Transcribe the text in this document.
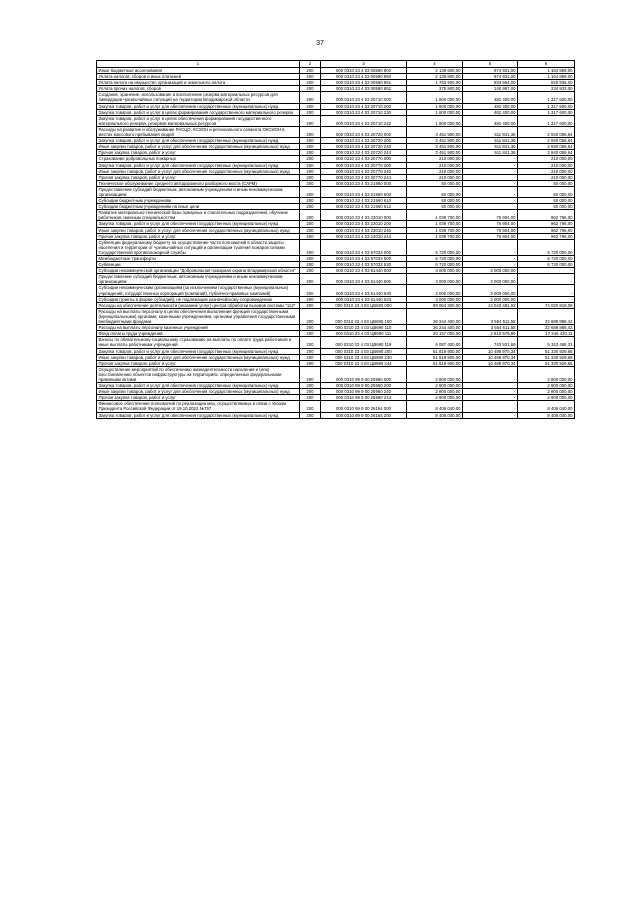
37
1	2	3	4	5	6
Иные бюджетные ассигнования	200	000 0310 23 4 03 00590 800	2 139 800,00	974 931,00	1 164 869,00
Уплата налогов, сборов и иных платежей	200	000 0310 23 4 03 00590 850	2 139 800,00	974 931,00	1 164 869,00
Уплата налога на имущество организаций и земельного налога	200	000 0310 23 4 03 00590 851	1 763 900,00	833 964,00	929 936,00
Уплата прочих налогов, сборов	200	000 0310 23 4 03 00590 852	375 900,00	140 967,00	234 933,00
Создание, хранение, использование и восполнение резерва материальных ресурсов для ликвидации чрезвычайных ситуаций на территории Владимирской области	200	000 0310 23 4 03 20710 000	1 800 000,00	482 400,00	1 317 600,00
Закупка товаров, работ и услуг для обеспечения государственных (муниципальных) нужд	200	000 0310 23 4 03 20710 200	1 800 000,00	482 400,00	1 317 600,00
Закупка товаров, работ и услуг в целях формирования государственного материального резерва	200	000 0310 23 4 03 20710 230	1 800 000,00	482 400,00	1 317 600,00
Закупка товаров, работ и услуг в целях обеспечения формирования государственного материального резерва, резервов материальных ресурсов	200	000 0310 23 4 03 20710 232	1 800 000,00	482 400,00	1 317 600,00
Расходы на развитие и обслуживание РАСЦО, КСЭОН и регионального сегмента ОКСИОН в местах массового пребывания людей	200	000 0310 23 4 03 20720 000	3 451 900,00	511 841,36	2 940 058,64
Закупка товаров, работ и услуг для обеспечения государственных (муниципальных) нужд	200	000 0310 23 4 03 20720 200	3 451 900,00	511 841,36	2 940 058,64
Иные закупки товаров, работ и услуг для обеспечения государственных (муниципальных) нужд	200	000 0310 23 4 03 20720 240	3 451 900,00	511 841,36	2 940 058,64
Прочая закупка товаров, работ и услуг	200	000 0310 23 4 03 20720 244	3 451 900,00	511 841,36	2 940 058,64
Страхование добровольных пожарных	200	000 0310 23 4 03 20770 000	210 000,00	-	210 000,00
Закупка товаров, работ и услуг для обеспечения государственных (муниципальных) нужд	200	000 0310 23 4 03 20770 200	210 000,00	-	210 000,00
Иные закупки товаров, работ и услуг для обеспечения государственных (муниципальных) нужд	200	000 0310 23 4 03 20770 240	210 000,00	-	210 000,00
Прочая закупка товаров, работ и услуг	200	000 0310 23 4 03 20770 244	210 000,00	-	210 000,00
Техническое обслуживание среднего автодорожного разборного моста (САРМ)	200	000 0310 23 4 03 21960 000	50 000,00	-	50 000,00
Предоставление субсидий бюджетным, автономным учреждениям и иным некоммерческим организациям	200	000 0310 23 4 03 21960 600	50 000,00	-	50 000,00
Субсидии бюджетным учреждениям	200	000 0310 23 4 03 21960 610	50 000,00	-	50 000,00
Субсидии бюджетным учреждениям на иные цели	200	000 0310 23 4 03 21960 612	50 000,00	-	50 000,00
Развитие материально-технической базы пожарных и спасательных подразделений, обучение работников сменным специальностям	200	000 0310 23 4 03 23010 000	1 039 700,00	76 904,00	962 796,00
Закупка товаров, работ и услуг для обеспечения государственных (муниципальных) нужд	200	000 0310 23 4 03 23010 200	1 039 700,00	76 904,00	962 796,00
Иные закупки товаров, работ и услуг для обеспечения государственных (муниципальных) нужд	200	000 0310 23 4 03 23010 240	1 039 700,00	76 904,00	962 796,00
Прочая закупка товаров, работ и услуг	200	000 0310 23 4 03 23010 244	1 039 700,00	76 904,00	962 796,00
Субвенции федеральному бюджету на осуществление части полномочий в области защиты населения и территории от чрезвычайных ситуаций и организации тушения пожаров силами Государственной противопожарной службы	200	000 0310 23 4 03 57033 000	6 720 000,00	-	6 720 000,00
Межбюджетные трансферты	200	000 0310 23 4 03 57033 500	6 720 000,00	-	6 720 000,00
Субвенции	200	000 0310 23 4 03 57033 530	6 720 000,00	-	6 720 000,00
Субсидии некоммерческой организации "Добровольная пожарная охрана Владимирской области"	200	000 0310 23 4 03 61440 000	3 000 000,00	3 000 000,00	-
Предоставление субсидий бюджетным, автономным учреждениям и иным некоммерческим организациям	200	000 0310 23 4 03 61440 600	3 000 000,00	3 000 000,00	-
Субсидии некоммерческим организациям (за исключением государственных (муниципальных) учреждений, государственных корпораций (компаний), публично-правовых компаний)	200	000 0310 23 4 03 61440 630	3 000 000,00	3 000 000,00	-
Субсидии (гранты в форме субсидий), не подлежащие казначейскому сопровождению	200	000 0310 23 4 03 61440 633	3 000 000,00	3 000 000,00	-
Расходы на обеспечение деятельности (оказание услуг) центра обработки вызовов системы "112"	200	000 0310 23 4 03 ЦВ690 000	89 064 300,00	14 043 481,92	74 020 818,08
Расходы на выплаты персоналу в целях обеспечения выполнения функций государственными (муниципальными) органами, казенными учреждениями, органами управления государственными внебюджетными фондами	200	000 0310 23 4 03 ЦВ690 100	26 244 400,00	3 554 511,58	22 689 888,42
Расходы на выплаты персоналу казенных учреждений	200	000 0310 23 4 03 ЦВ690 110	26 244 400,00	3 554 511,58	22 689 888,42
Фонд оплаты труда учреждений	200	000 0310 23 4 03 ЦВ690 111	20 157 000,00	2 810 579,89	17 346 420,11
Взносы по обязательному социальному страхованию на выплаты по оплате труда работников и иные выплаты работникам учреждений	200	000 0310 23 4 03 ЦВ690 119	6 087 400,00	743 931,69	5 343 468,31
Закупка товаров, работ и услуг для обеспечения государственных (муниципальных) нужд	200	000 0310 23 4 03 ЦВ690 200	61 819 900,00	10 488 970,34	51 330 929,66
Иные закупки товаров, работ и услуг для обеспечения государственных (муниципальных) нужд	200	000 0310 23 4 03 ЦВ690 240	61 819 900,00	10 488 970,34	51 330 929,66
Прочая закупка товаров, работ и услуг	200	000 0310 23 4 03 ЦВ690 244	61 819 900,00	10 488 970,34	51 330 929,66
Осуществление мероприятий по обеспечению жизнедеятельности населения и (или) восстановлению объектов инфраструктуры на территориях, определенных федеральными правовыми актами	200	000 0310 99 9 00 25960 000	2 800 000,00	-	2 800 000,00
Закупка товаров, работ и услуг для обеспечения государственных (муниципальных) нужд	200	000 0310 99 9 00 25960 200	2 800 000,00	-	2 800 000,00
Иные закупки товаров, работ и услуг для обеспечения государственных (муниципальных) нужд	200	000 0310 99 9 00 25960 240	2 800 000,00	-	2 800 000,00
Прочая закупка товаров, работ и услуг	200	000 0310 99 9 00 25960 244	2 800 000,00	-	2 800 000,00
Финансовое обеспечение полномочий по реализации мер, осуществляемых в связи с Указом Президента Российской Федерации от 19.10.2022 №757	200	000 0310 99 9 00 26164 000	8 406 040,00	-	8 406 040,00
Закупка товаров, работ и услуг для обеспечения государственных (муниципальных) нужд	200	000 0310 99 9 00 26164 200	8 406 040,00	-	8 406 040,00
